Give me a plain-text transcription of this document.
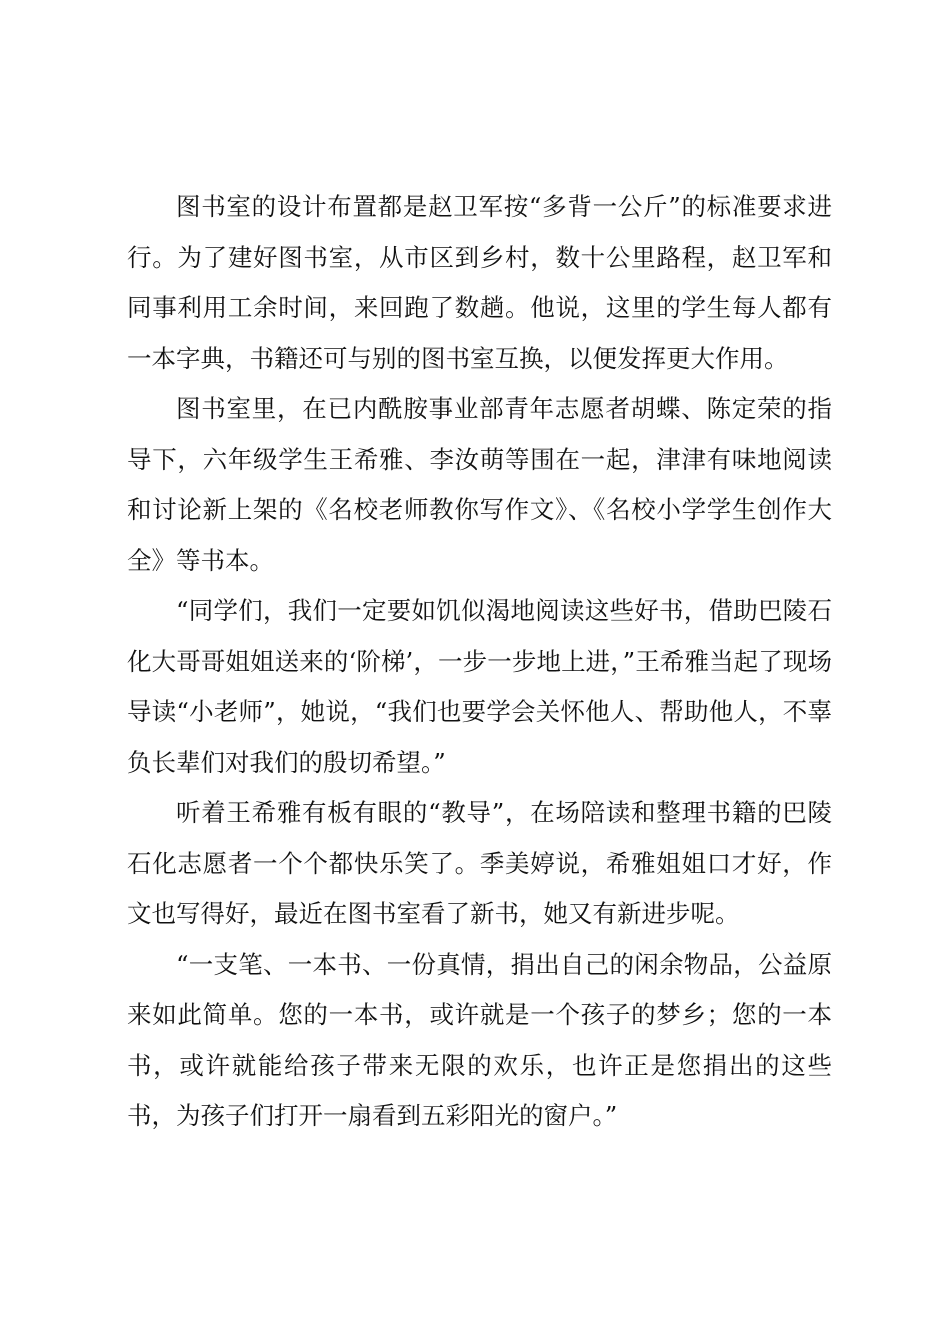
图书室的设计布置都是赵卫军按“多背一公斤”的标准要求进行。为了建好图书室，从市区到乡村，数十公里路程，赵卫军和同事利用工余时间，来回跑了数趟。他说，这里的学生每人都有一本字典，书籍还可与别的图书室互换，以便发挥更大作用。

图书室里，在已内酰胺事业部青年志愿者胡蝶、陈定荣的指导下，六年级学生王希雅、李汝萌等围在一起，津津有味地阅读和讨论新上架的《名校老师教你写作文》、《名校小学学生创作大全》等书本。

“同学们，我们一定要如饥似渴地阅读这些好书，借助巴陵石化大哥哥姐姐送来的‘阶梯’，一步一步地上进，”王希雅当起了现场导读“小老师”，她说，“我们也要学会关怀他人、帮助他人，不辜负长辈们对我们的殷切希望。”

听着王希雅有板有眼的“教导”，在场陪读和整理书籍的巴陵石化志愿者一个个都快乐笑了。季美婷说，希雅姐姐口才好，作文也写得好，最近在图书室看了新书，她又有新进步呢。

“一支笔、一本书、一份真情，捐出自己的闲余物品，公益原来如此简单。您的一本书，或许就是一个孩子的梦乡；您的一本书，或许就能给孩子带来无限的欢乐，也许正是您捐出的这些书，为孩子们打开一扇看到五彩阳光的窗户。”
